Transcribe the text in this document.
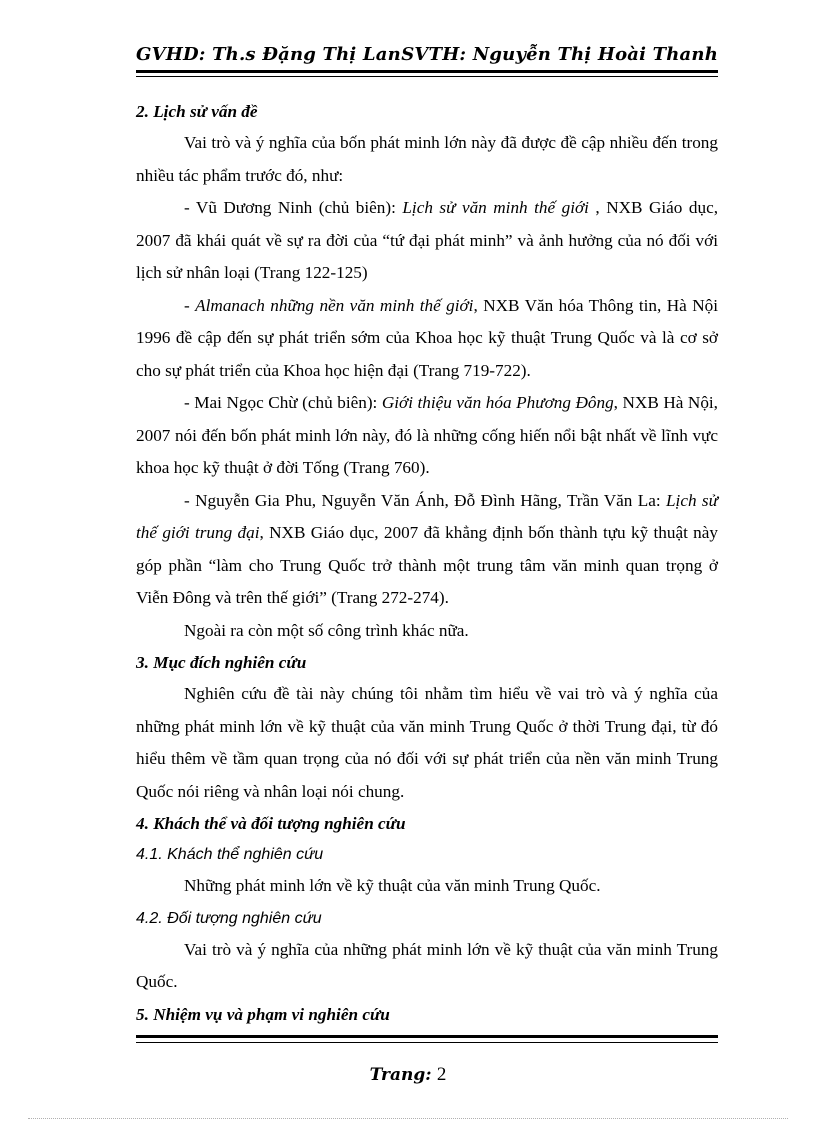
GVHD: Th.s Đặng Thị Lan SVTH: Nguyễn Thị Hoài Thanh

2. Lịch sử vấn đề

Vai trò và ý nghĩa của bốn phát minh lớn này đã được đề cập nhiều đến trong nhiều tác phẩm trước đó, như:

- Vũ Dương Ninh (chủ biên): Lịch sử văn minh thế giới , NXB Giáo dục, 2007 đã khái quát về sự ra đời của “tứ đại phát minh” và ảnh hưởng của nó đối với lịch sử nhân loại (Trang 122-125)

- Almanach những nền văn minh thế giới, NXB Văn hóa Thông tin, Hà Nội 1996 đề cập đến sự phát triển sớm của Khoa học kỹ thuật Trung Quốc và là cơ sở cho sự phát triển của Khoa học hiện đại (Trang 719-722).

- Mai Ngọc Chừ (chủ biên): Giới thiệu văn hóa Phương Đông, NXB Hà Nội, 2007 nói đến bốn phát minh lớn này, đó là những cống hiến nổi bật nhất về lĩnh vực khoa học kỹ thuật ở đời Tống (Trang 760).

- Nguyễn Gia Phu, Nguyễn Văn Ánh, Đỗ Đình Hãng, Trần Văn La: Lịch sử thế giới trung đại, NXB Giáo dục, 2007 đã khẳng định bốn thành tựu kỹ thuật này góp phần “làm cho Trung Quốc trở thành một trung tâm văn minh quan trọng ở Viễn Đông và trên thế giới” (Trang 272-274).

Ngoài ra còn một số công trình khác nữa.

3. Mục đích nghiên cứu

Nghiên cứu đề tài này chúng tôi nhằm tìm hiểu về vai trò và ý nghĩa của những phát minh lớn về kỹ thuật của văn minh Trung Quốc ở thời Trung đại, từ đó hiểu thêm về tầm quan trọng của nó đối với sự phát triển của nền văn minh Trung Quốc nói riêng và nhân loại nói chung.

4. Khách thể và đối tượng nghiên cứu

4.1. Khách thể nghiên cứu

Những phát minh lớn về kỹ thuật của văn minh Trung Quốc.

4.2. Đối tượng nghiên cứu

Vai trò và ý nghĩa của những phát minh lớn về kỹ thuật của văn minh Trung Quốc.

5. Nhiệm vụ và phạm vi nghiên cứu

Trang: 2
